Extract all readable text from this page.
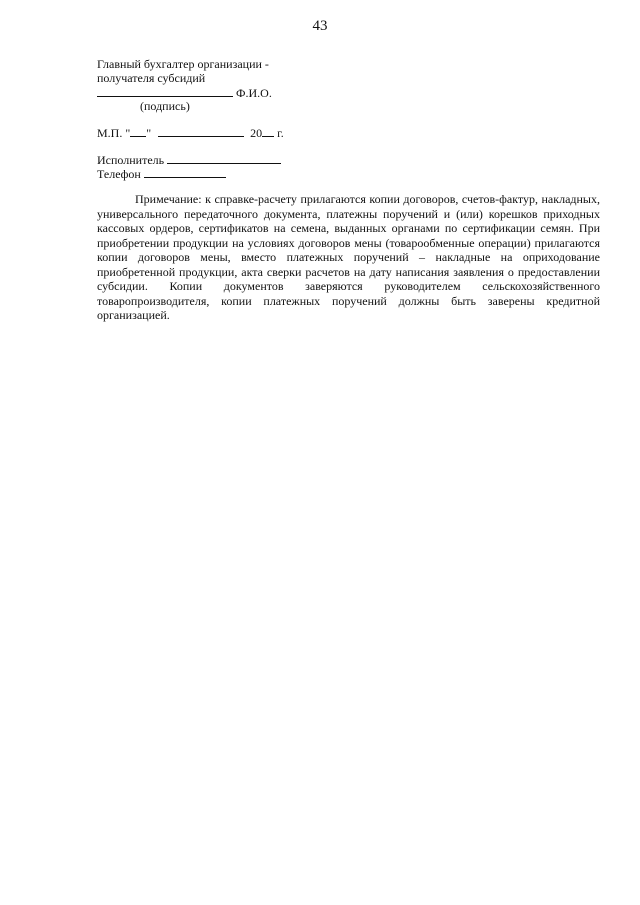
43
Главный бухгалтер организации -
получателя субсидий
Ф.И.О.
(подпись)
М.П. " "	20 г.
Исполнитель
Телефон

Примечание: к справке-расчету прилагаются копии договоров, счетов-фактур, накладных, универсального передаточного документа, платежны поручений и (или) корешков приходных кассовых ордеров, сертификатов на семена, выданных органами по сертификации семян. При приобретении продукции на условиях договоров мены (товарообменные операции) прилагаются копии договоров мены, вместо платежных поручений – накладные на оприходование приобретенной продукции, акта сверки расчетов на дату написания заявления о предоставлении субсидии. Копии документов заверяются руководителем сельскохозяйственного товаропроизводителя, копии платежных поручений должны быть заверены кредитной организацией.
